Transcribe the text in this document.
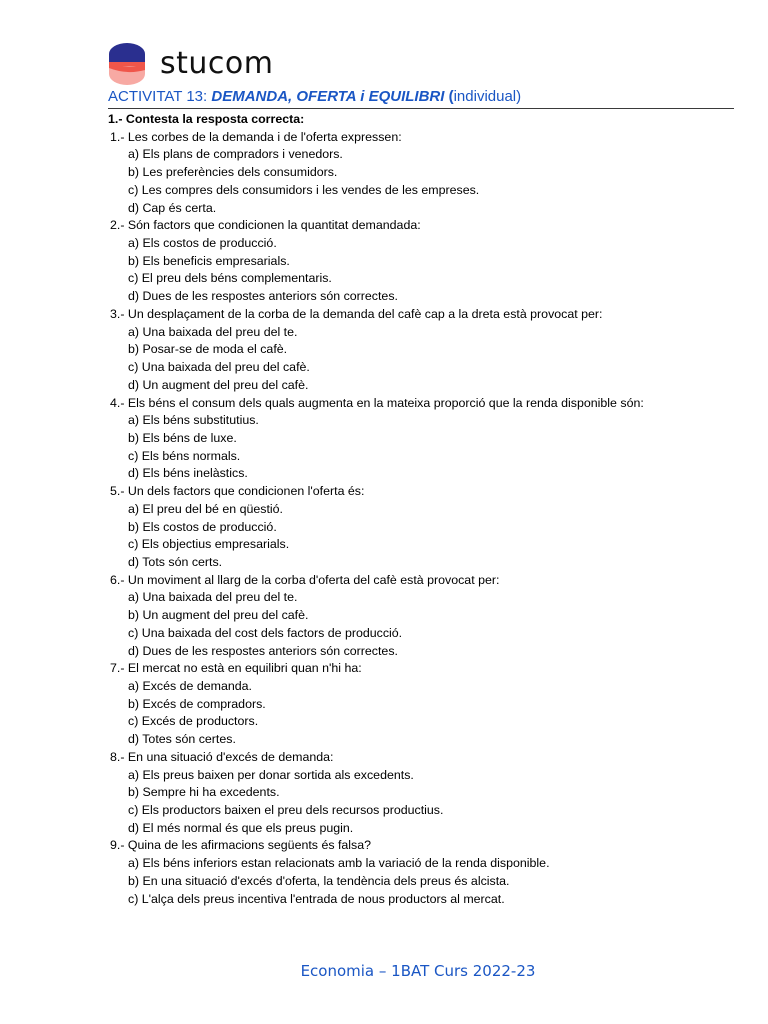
stucom
ACTIVITAT 13: DEMANDA, OFERTA i EQUILIBRI (individual)
1.- Contesta la resposta correcta:
1.- Les corbes de la demanda i de l'oferta expressen:
a) Els plans de compradors i venedors.
b) Les preferències dels consumidors.
c) Les compres dels consumidors i les vendes de les empreses.
d) Cap és certa.
2.- Són factors que condicionen la quantitat demandada:
a) Els costos de producció.
b) Els beneficis empresarials.
c) El preu dels béns complementaris.
d) Dues de les respostes anteriors són correctes.
3.- Un desplaçament de la corba de la demanda del cafè cap a la dreta està provocat per:
a) Una baixada del preu del te.
b) Posar-se de moda el cafè.
c) Una baixada del preu del cafè.
d) Un augment del preu del cafè.
4.- Els béns el consum dels quals augmenta en la mateixa proporció que la renda disponible són:
a) Els béns substitutius.
b) Els béns de luxe.
c) Els béns normals.
d) Els béns inelàstics.
5.- Un dels factors que condicionen l'oferta és:
a) El preu del bé en qüestió.
b) Els costos de producció.
c) Els objectius empresarials.
d) Tots són certs.
6.- Un moviment al llarg de la corba d'oferta del cafè està provocat per:
a) Una baixada del preu del te.
b) Un augment del preu del cafè.
c) Una baixada del cost dels factors de producció.
d) Dues de les respostes anteriors són correctes.
7.- El mercat no està en equilibri quan n'hi ha:
a) Excés de demanda.
b) Excés de compradors.
c) Excés de productors.
d) Totes són certes.
8.- En una situació d'excés de demanda:
a) Els preus baixen per donar sortida als excedents.
b) Sempre hi ha excedents.
c) Els productors baixen el preu dels recursos productius.
d) El més normal és que els preus pugin.
9.- Quina de les afirmacions següents és falsa?
a) Els béns inferiors estan relacionats amb la variació de la renda disponible.
b) En una situació d'excés d'oferta, la tendència dels preus és alcista.
c) L'alça dels preus incentiva l'entrada de nous productors al mercat.
Economia – 1BAT Curs 2022-23
